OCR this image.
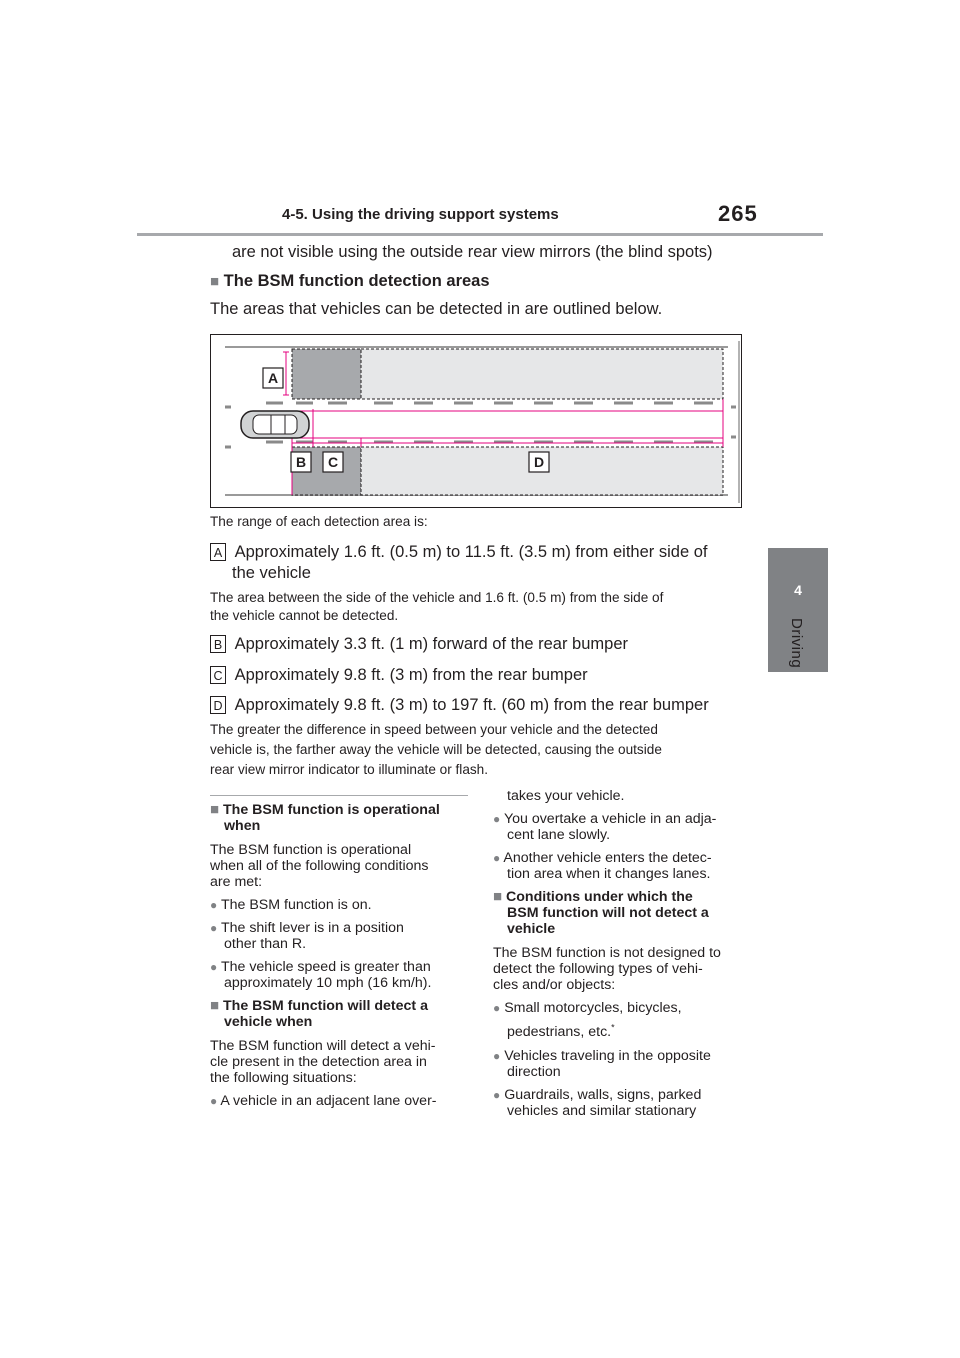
4-5. Using the driving support systems	265
4
Driving
are not visible using the outside rear view mirrors (the blind spots)
■ The BSM function detection areas
The areas that vehicles can be detected in are outlined below.
A
B C	D
The range of each detection area is:
A Approximately 1.6 ft. (0.5 m) to 11.5 ft. (3.5 m) from either side of
the vehicle
The area between the side of the vehicle and 1.6 ft. (0.5 m) from the side of
the vehicle cannot be detected.
B Approximately 3.3 ft. (1 m) forward of the rear bumper
C Approximately 9.8 ft. (3 m) from the rear bumper
D Approximately 9.8 ft. (3 m) to 197 ft. (60 m) from the rear bumper
The greater the difference in speed between your vehicle and the detected
vehicle is, the farther away the vehicle will be detected, causing the outside
rear view mirror indicator to illuminate or flash.
■ The BSM function is operational
when
The BSM function is operational
when all of the following conditions
are met:
● The BSM function is on.
● The shift lever is in a position
other than R.
● The vehicle speed is greater than
approximately 10 mph (16 km/h).
■ The BSM function will detect a
vehicle when
The BSM function will detect a vehi-
cle present in the detection area in
the following situations:
● A vehicle in an adjacent lane over-
takes your vehicle.
● You overtake a vehicle in an adja-
cent lane slowly.
● Another vehicle enters the detec-
tion area when it changes lanes.
■ Conditions under which the
BSM function will not detect a
vehicle
The BSM function is not designed to
detect the following types of vehi-
cles and/or objects:
● Small motorcycles, bicycles,
pedestrians, etc.*
● Vehicles traveling in the opposite
direction
● Guardrails, walls, signs, parked
vehicles and similar stationary
